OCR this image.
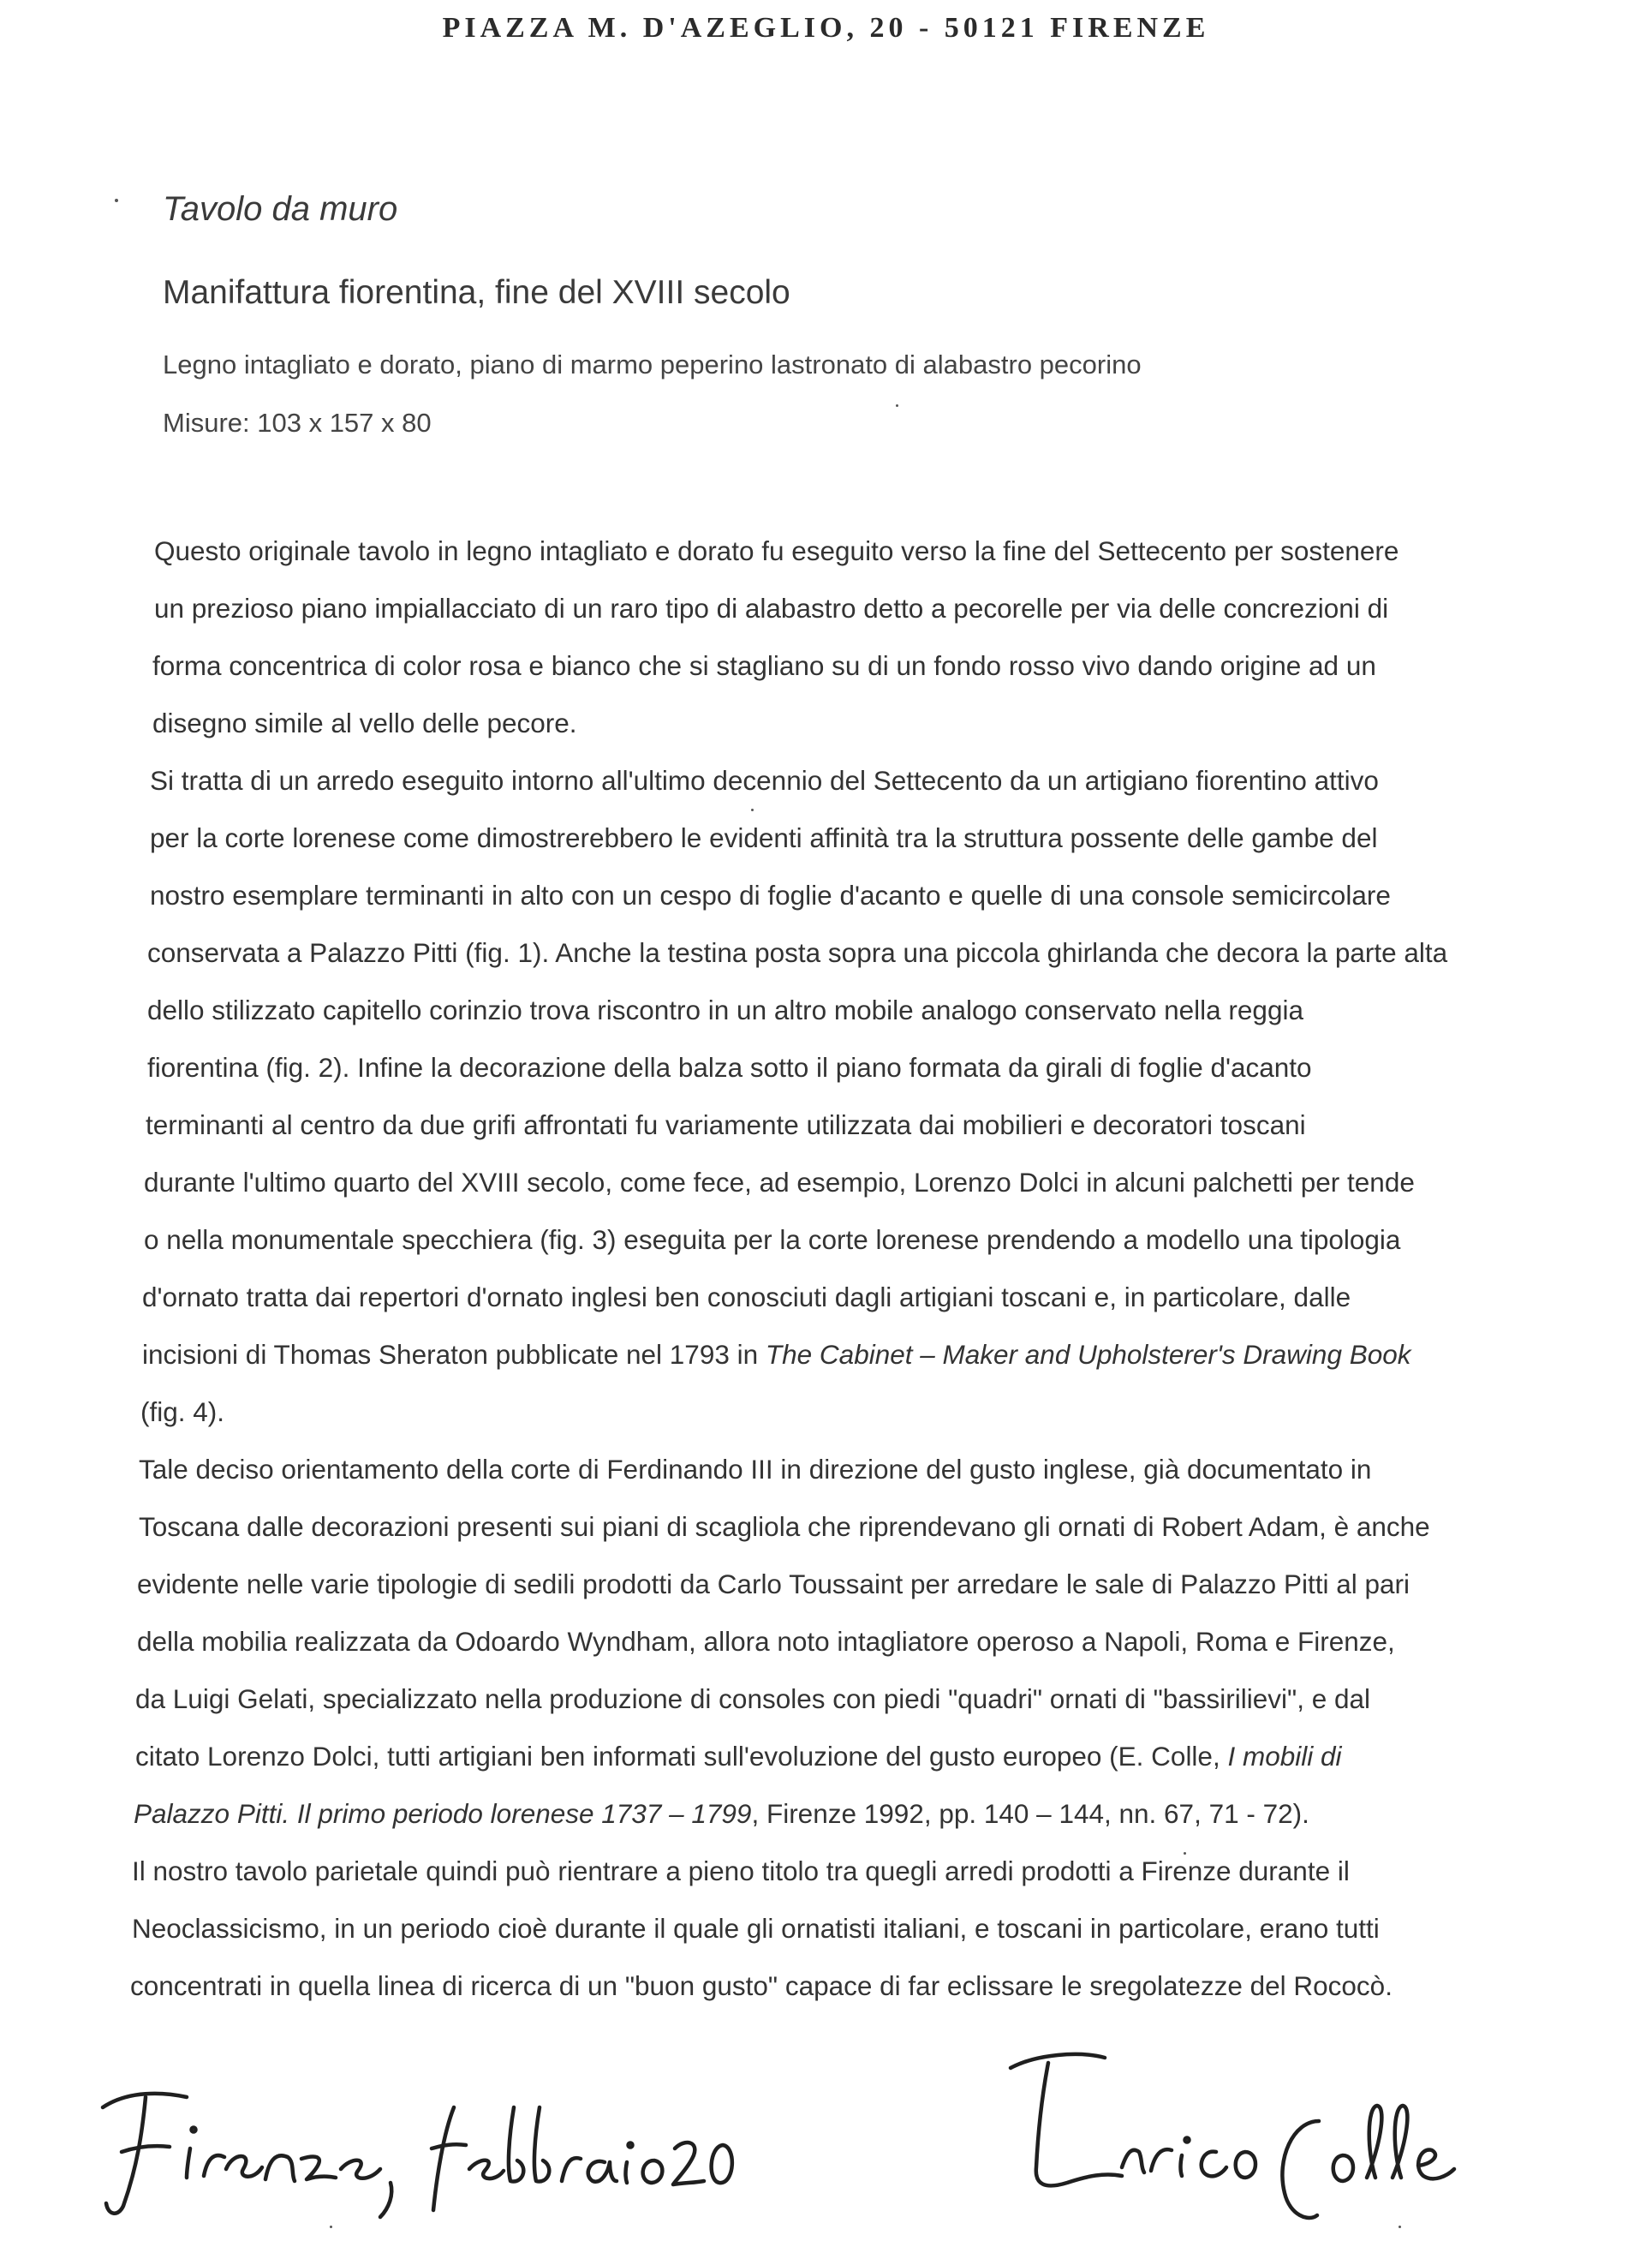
PIAZZA M. D'AZEGLIO, 20 - 50121 FIRENZE
Tavolo da muro
Manifattura fiorentina, fine del XVIII secolo
Legno intagliato e dorato, piano di marmo peperino lastronato di alabastro pecorino
Misure: 103 x 157 x 80
Questo originale tavolo in legno intagliato e dorato fu eseguito verso la fine del Settecento per sostenere
un prezioso piano impiallacciato di un raro tipo di alabastro detto a pecorelle per via delle concrezioni di
forma concentrica di color rosa e bianco che si stagliano su di un fondo rosso vivo dando origine ad un
disegno simile al vello delle pecore.
Si tratta di un arredo eseguito intorno all'ultimo decennio del Settecento da un artigiano fiorentino attivo
per la corte lorenese come dimostrerebbero le evidenti affinità tra la struttura possente delle gambe del
nostro esemplare terminanti in alto con un cespo di foglie d'acanto e quelle di una console semicircolare
conservata a Palazzo Pitti (fig. 1). Anche la testina posta sopra una piccola ghirlanda che decora la parte alta
dello stilizzato capitello corinzio trova riscontro in un altro mobile analogo conservato nella reggia
fiorentina (fig. 2). Infine la decorazione della balza sotto il piano formata da girali di foglie d'acanto
terminanti al centro da due grifi affrontati fu variamente utilizzata dai mobilieri e decoratori toscani
durante l'ultimo quarto del XVIII secolo, come fece, ad esempio, Lorenzo Dolci in alcuni palchetti per tende
o nella monumentale specchiera (fig. 3) eseguita per la corte lorenese prendendo a modello una tipologia
d'ornato tratta dai repertori d'ornato inglesi ben conosciuti dagli artigiani toscani e, in particolare, dalle
incisioni di Thomas Sheraton pubblicate nel 1793 in The Cabinet – Maker and Upholsterer's Drawing Book
(fig. 4).
Tale deciso orientamento della corte di Ferdinando III in direzione del gusto inglese, già documentato in
Toscana dalle decorazioni presenti sui piani di scagliola che riprendevano gli ornati di Robert Adam, è anche
evidente nelle varie tipologie di sedili prodotti da Carlo Toussaint per arredare le sale di Palazzo Pitti al pari
della mobilia realizzata da Odoardo Wyndham, allora noto intagliatore operoso a Napoli, Roma e Firenze,
da Luigi Gelati, specializzato nella produzione di consoles con piedi "quadri" ornati di "bassirilievi", e dal
citato Lorenzo Dolci, tutti artigiani ben informati sull'evoluzione del gusto europeo (E. Colle, I mobili di
Palazzo Pitti. Il primo periodo lorenese 1737 – 1799, Firenze 1992, pp. 140 – 144, nn. 67, 71 - 72).
Il nostro tavolo parietale quindi può rientrare a pieno titolo tra quegli arredi prodotti a Firenze durante il
Neoclassicismo, in un periodo cioè durante il quale gli ornatisti italiani, e toscani in particolare, erano tutti
concentrati in quella linea di ricerca di un "buon gusto" capace di far eclissare le sregolatezze del Rococò.
